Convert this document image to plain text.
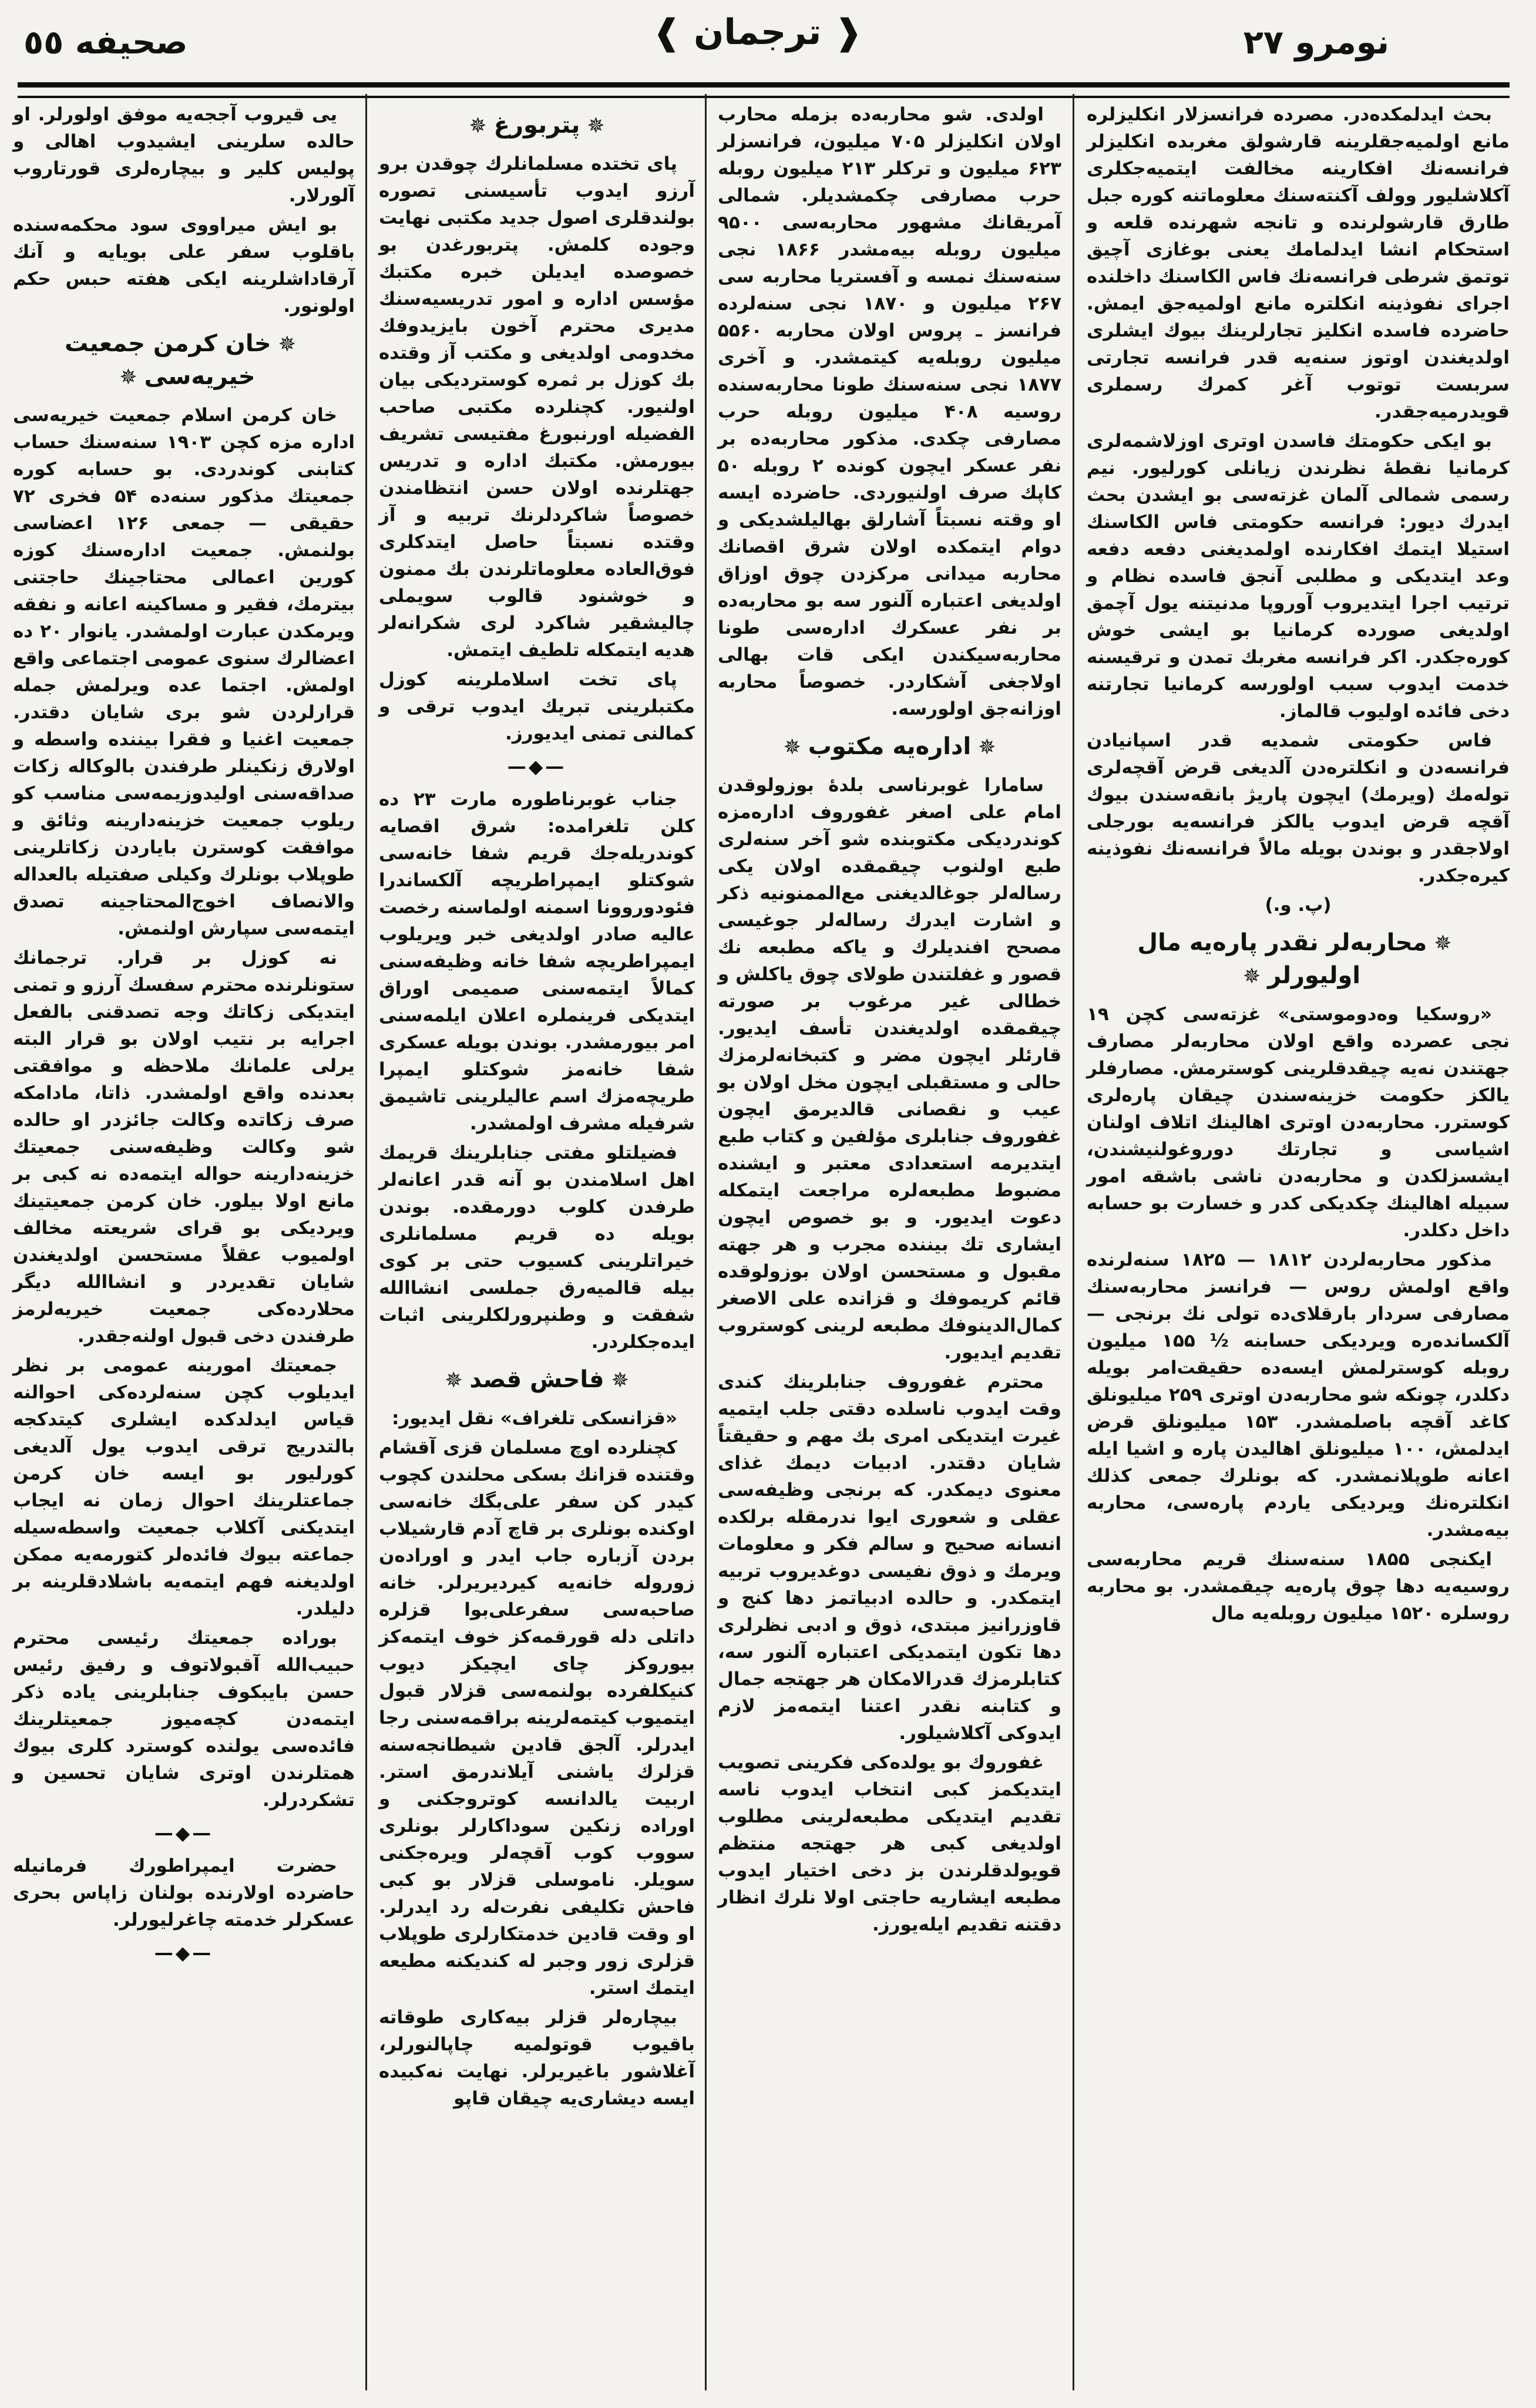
نومرو ٢٧
❰ ترجمان ❱
صحیفه ٥٥

بحث ایدلمکده‌در. مصرده فرانسزلار انکلیزلره مانع اولمیه‌جقلرینه قارشولق مغربده انکلیزلر فرانسه‌نك افکارینه مخالفت ایتمیه‌جکلری آکلاشلیور وولف آکنته‌سنك معلوماتنه کوره جبل طارق قارشولرنده و تانجه شهرنده قلعه و استحکام انشا ایدلمامك یعنی بوغازی آچیق توتمق شرطی فرانسه‌نك فاس الکاسنك داخلنده اجرای نفوذینه انکلتره مانع اولمیه‌جق ایمش. حاضرده فاسده انکلیز تجارلرینك بیوك ایشلری اولدیغندن اوتوز سنه‌یه قدر فرانسه تجارتی سربست توتوب آغر کمرك رسملری قویدرمیه‌جقدر.

بو ایکی حکومتك فاسدن اوتری اوزلاشمه‌لری کرمانیا نقطهٔ نظرندن زیانلی کورلیور. نیم رسمی شمالی آلمان غزته‌سی بو ایشدن بحث ایدرك دیور: فرانسه حکومتی فاس الکاسنك استیلا ایتمك افکارنده اولمدیغنی دفعه دفعه وعد ایتدیکی و مطلبی آنجق فاسده نظام و ترتیب اجرا ایتدیروب آوروپا مدنیتنه یول آچمق اولدیغی صورده کرمانیا بو ایشی خوش کوره‌جکدر. اکر فرانسه مغربك تمدن و ترقیسنه خدمت ایدوب سبب اولورسه کرمانیا تجارتنه دخی فائده اولیوب قالماز.

فاس حکومتی شمدیه قدر اسپانیادن فرانسه‌دن و انکلتره‌دن آلدیغی قرض آقچه‌لری تولەمك (ویرمك) ایچون پاریژ بانقه‌سندن بیوك آقچه قرض ایدوب یالکز فرانسه‌یه بورجلی اولاجقدر و بوندن بویله مالاً فرانسه‌نك نفوذینه کیره‌جکدر.

(پ. و.)
✵محاربه‌لر نقدر پاره‌یه مال اولیورلر✵

«روسکیا وه‌دوموستی» غزته‌سی کچن ۱۹ نجی عصرده واقع اولان محاربه‌لر مصارف جهتندن نه‌یه چیقدقلرینی کوسترمش. مصارفلر یالکز حکومت خزینه‌سندن چیقان پاره‌لری کوسترر. محاربه‌دن اوتری اهالینك اتلاف اولنان اشیاسی و تجارتك دوروغولنیشندن، ایشسزلکدن و محاربه‌دن ناشی باشقه امور سبیله اهالینك چکدیکی کدر و خسارت بو حسابه داخل دکلدر.

مذکور محاربه‌لردن ۱۸۱۲ — ۱۸۲۵ سنه‌لرنده واقع اولمش روس — فرانسز محاربه‌سنك مصارفی سردار بارقلای‌ده تولی نك برنجی — آلکسانده‌ره ویردیکی حسابنه ½ ۱۵۵ میلیون روبله کوسترلمش ایسه‌ده حقیقت‌امر بویله دکلدر، چونکه شو محاربه‌دن اوتری ۲۵۹ میلیونلق کاغد آقچه باصلمشدر. ۱۵۳ میلیونلق قرض ایدلمش، ۱۰۰ میلیونلق اهالیدن پاره و اشیا ایله اعانه طوپلانمشدر. که بونلرك جمعی کذلك انکلتره‌نك ویردیکی یاردم پاره‌سی، محاربه بیه‌مشدر.

ایکنجی ۱۸۵۵ سنه‌سنك قریم محاربه‌سی روسیه‌یه دها چوق پاره‌یه چیقمشدر. بو محاربه روسلره ۱۵۲۰ میلیون روبله‌یه مال

اولدی. شو محاربه‌ده بزمله محارب اولان انکلیزلر ۷۰۵ میلیون، فرانسزلر ۶۲۳ میلیون و ترکلر ۲۱۳ میلیون روبله حرب مصارفی چکمشدیلر. شمالی آمریقانك مشهور محاربه‌سی ۹۵۰۰ میلیون روبله بیه‌مشدر ۱۸۶۶ نجی سنه‌سنك نمسه و آفستریا محاربه سی ۲۶۷ میلیون و ۱۸۷۰ نجی سنه‌لرده فرانسز ـ پروس اولان محاربه ۵۵۶۰ میلیون روبله‌یه کیتمشدر. و آخری ۱۸۷۷ نجی سنه‌سنك طونا محاربه‌سنده روسیه ۴۰۸ میلیون روبله حرب مصارفی چکدی. مذکور محاربه‌ده بر نفر عسکر ایچون کونده ۲ روبله ۵۰ کاپك صرف اولنیوردی. حاضرده ایسه او وقته نسبتاً آشارلق بهالیلشدیکی و دوام ایتمکده اولان شرق اقصانك محاربه میدانی مرکزدن چوق اوزاق اولدیغی اعتباره آلنور سه بو محاربه‌ده بر نفر عسکرك اداره‌سی طونا محاربه‌سیکندن ایکی قات بهالی اولاجغی آشکاردر. خصوصاً محاربه اوزانه‌جق اولورسه.

✵اداره‌یه مکتوب✵

سامارا غوبرناسی بلدهٔ بوزولوقدن امام علی اصغر غفوروف اداره‌مزه کوندردیکی مکتوبنده شو آخر سنه‌لری طبع اولنوب چیقمقده اولان یکی رساله‌لر جوغالدیغنی مع‌الممنونیه ذکر و اشارت ایدرك رساله‌لر جوغیسی مصحح افندیلرك و یاکه مطبعه نك قصور و غفلتندن طولای چوق یاکلش و خطالی غیر مرغوب بر صورته چیقمقده اولدیغندن تأسف ایدیور. قارئلر ایچون مضر و کتبخانه‌لرمزك حالی و مستقبلی ایچون مخل اولان بو عیب و نقصانی قالدیرمق ایچون غفوروف جنابلری مؤلفین و کتاب طبع ایتدیرمه استعدادی معتبر و ایشنده مضبوط مطبعه‌لره مراجعت ایتمکله دعوت ایدیور. و بو خصوص ایچون ایشاری تك بیننده مجرب و هر جهته مقبول و مستحسن اولان بوزولوقده قائم کریموفك و قزانده علی الاصغر کمال‌الدینوفك مطبعه لرینی کوستروب تقدیم ایدیور.

محترم غفوروف جنابلرینك کندی وقت ایدوب ناسلده دقتی جلب ایتمیه غیرت ایتدیکی امری بك مهم و حقیقتاً شایان دقتدر. ادبیات دیمك غذای معنوی دیمکدر. که برنجی وظیفه‌سی عقلی و شعوری ایوا ندرمقله برلکده انسانه صحیح و سالم فکر و معلومات ویرمك و ذوق نفیسی دوغدیروب تربیه ایتمکدر. و حالده ادبیاتمز دها کنج و قاوزرانیز مبتدی، ذوق و ادبی نظرلری دها تکون ایتمدیکی اعتباره آلنور سه، کتابلرمزك قدرالامکان هر جهتجه جمال و کتابنه نقدر اعتنا ایتمه‌مز لازم ایدوکی آکلاشیلور.

غفوروك بو یولده‌کی فکرینی تصویب ایتدیکمز کبی انتخاب ایدوب ناسه تقدیم ایتدیکی مطبعه‌لرینی مطلوب اولدیغی کبی هر جهتجه منتظم قویولدقلرندن بز دخی اختیار ایدوب مطبعه ایشاریه حاجتی اولا نلرك انظار دقتنه تقدیم ایله‌یورز.

✵پتربورغ✵

پای تختده مسلمانلرك چوقدن برو آرزو ایدوب تأسیسنی تصوره بولندقلری اصول جدید مکتبی نهایت وجوده کلمش. پتربورغدن بو خصوصده ایدیلن خبره مکتبك مؤسس اداره و امور تدریسیه‌سنك مدیری محترم آخون بایزیدوفك مخدومی اولدیغی و مکتب آز وقتده بك کوزل بر ثمره کوستردیکی بیان اولنیور. کچنلرده مکتبی صاحب الفضیله اورنبورغ مفتیسی تشریف بیورمش. مکتبك اداره و تدریس جهتلرنده اولان حسن انتظامندن خصوصاً شاکردلرنك تربیه و آز وقتده نسبتاً حاصل ایتدکلری فوق‌العاده معلوماتلرندن بك ممنون و خوشنود قالوب سویملی چالیشقیر شاکرد لری شکرانه‌لر هدیه ایتمکله تلطیف ایتمش.

پای تخت اسلاملرینه کوزل مکتبلرینی تبریك ایدوب ترقی و کمالنی تمنی ایدیورز.

—◆—

جناب غوبرناطوره مارت ۲۳ ده کلن تلغرامده: شرق اقصایه کوندریله‌جك قریم شفا خانه‌سی شوکتلو ایمپراطریچه آلکساندرا فئودوروونا اسمنه اولماسنه رخصت عالیه صادر اولدیغی خبر ویریلوب ایمپراطریچه شفا خانه وظیفه‌سنی کمالاً ایتمه‌سنی صمیمی اوراق ایتدیکی فرینملره اعلان ایلمه‌سنی امر بیورمشدر. بوندن بویله عسکری شفا خانه‌مز شوکتلو ایمپرا طریچه‌مزك اسم عالیلرینی تاشیمق شرفیله مشرف اولمشدر.

فضیلتلو مفتی جنابلرینك قریمك اهل اسلامندن بو آنه قدر اعانه‌لر طرفدن کلوب دورمقده. بوندن بویله ده قریم مسلمانلری خیراتلرینی کسیوب حتی بر کوی بیله قالمیه‌رق جملسی انشاالله شفقت و وطنپرورلکلرینی اثبات ایده‌جکلردر.

✵فاحش قصد✵

«قزانسکی تلغراف» نقل ایدیور:

کچنلرده اوچ مسلمان قزی آقشام وقتنده قزانك بسکی محلندن کچوب کیدر کن سفر علی‌بگك خانه‌سی اوکنده بونلری بر قاچ آدم قارشیلاب بردن آزباره جاب ایدر و اوراده‌ن زوروله خانه‌یه کیردیریرلر. خانه صاحبه‌سی سفرعلی‌بوا قزلره داتلی دله قورقمه‌کز خوف ایتمه‌کز بیوروکز چای ایچیکز دیوب کنیکلفرده بولنمه‌سی قزلار قبول ایتمیوب کیتمه‌لرینه براقمه‌سنی رجا ایدرلر. آلجق قادین شیطانجه‌سنه قزلرك یاشنی آیلاندرمق استر. اربیت یالدانسه کوتروجکنی و اوراده زنکین سوداکارلر بونلری سووب کوب آقچه‌لر ویره‌جکنی سویلر. ناموسلی قزلار بو کبی فاحش تکلیفی نفرت‌له رد ایدرلر. او وقت قادین خدمتکارلری طوپلاب قزلری زور وجبر له کندیکنه مطیعه ایتمك استر.

بیچاره‌لر قزلر بیه‌کاری طوقاته باقیوب قوتولمیه چاپالنورلر، آغلاشور باغیریرلر. نهایت نه‌کبیده ایسه دیشاری‌یه چیقان قاپو

یی قیروب آججه‌یه موفق اولورلر. او حالده سلرینی ایشیدوب اهالی و پولیس کلیر و بیچاره‌لری قورتاروب آلورلار.

بو ایش میراووی سود محکمه‌سنده باقلوب سفر علی بویایه و آنك آرقاداشلرینه ایکی هفته حبس حکم اولونور.

✵خان کرمن جمعیت خیریه‌سی✵

خان کرمن اسلام جمعیت خیریه‌سی اداره مزه کچن ۱۹۰۳ سنه‌سنك حساب کتابنی کوندردی. بو حسابه کوره جمعیتك مذکور سنه‌ده ۵۴ فخری ۷۲ حقیقی — جمعی ۱۲۶ اعضاسی بولنمش. جمعیت اداره‌سنك کوزه کورین اعمالی محتاجینك حاجتنی بیترمك، فقیر و مساکینه اعانه و نفقه ویرمکدن عبارت اولمشدر. یانوار ۲۰ ده اعضالرك سنوی عمومی اجتماعی واقع اولمش. اجتما عده ویرلمش جمله قرارلردن شو بری شایان دقتدر. جمعیت اغنیا و فقرا بیننده واسطه و اولارق زنکینلر طرفندن بالوکاله زکات صداقه‌سنی اولیدوزیمه‌سی مناسب کو ریلوب جمعیت خزینه‌دارینه وثائق و موافقت کوسترن بایاردن زکاتلرینی طوپلاب بونلرك وکیلی صفتیله بالعداله والانصاف اخوج‌المحتاجینه تصدق ایتمه‌سی سپارش اولنمش.

نه کوزل بر قرار. ترجمانك ستونلرنده محترم سفسك آرزو و تمنی ایتدیکی زکاتك وجه تصدقنی بالفعل اجرایه بر نتیب اولان بو قرار البته یرلی علمانك ملاحظه و موافقتی بعدنده واقع اولمشدر. ذاتا، مادامکه صرف زکاتده وکالت جائزدر او حالده شو وکالت وظیفه‌سنی جمعیتك خزینه‌دارینه حواله ایتمه‌ده نه کبی بر مانع اولا بیلور. خان کرمن جمعیتینك ویردیکی بو قرای شریعته مخالف اولمیوب عقلاً مستحسن اولدیغندن شایان تقدیردر و انشاالله دیگر محلارده‌کی جمعیت خیریه‌لرمز طرفندن دخی قبول اولنه‌جقدر.

جمعیتك امورینه عمومی بر نظر ایدیلوب کچن سنه‌لرده‌کی احوالنه قیاس ایدلدکده ایشلری کیتدکجه بالتدریج ترقی ایدوب یول آلدیغی کورلیور بو ایسه خان کرمن جماعتلرینك احوال زمان نه ایجاب ایتدیکنی آکلاب جمعیت واسطه‌سیله جماعته بیوك فائده‌لر کتورمه‌یه ممکن اولدیغنه فهم ایتمه‌یه باشلادقلرینه بر دلیلدر.

بوراده جمعیتك رئیسی محترم حبیب‌الله آقبولاتوف و رفیق رئیس حسن بایبکوف جنابلرینی یاده ذکر ایتمه‌دن کچه‌میوز جمعیتلرینك فائده‌سی یولنده کوسترد کلری بیوك همتلرندن اوتری شایان تحسین و تشکردرلر.

—◆—

حضرت ایمپراطورك فرمانیله حاضرده اولارنده بولنان زاپاس بحری عسکرلر خدمته چاغرلیورلر.

—◆—
